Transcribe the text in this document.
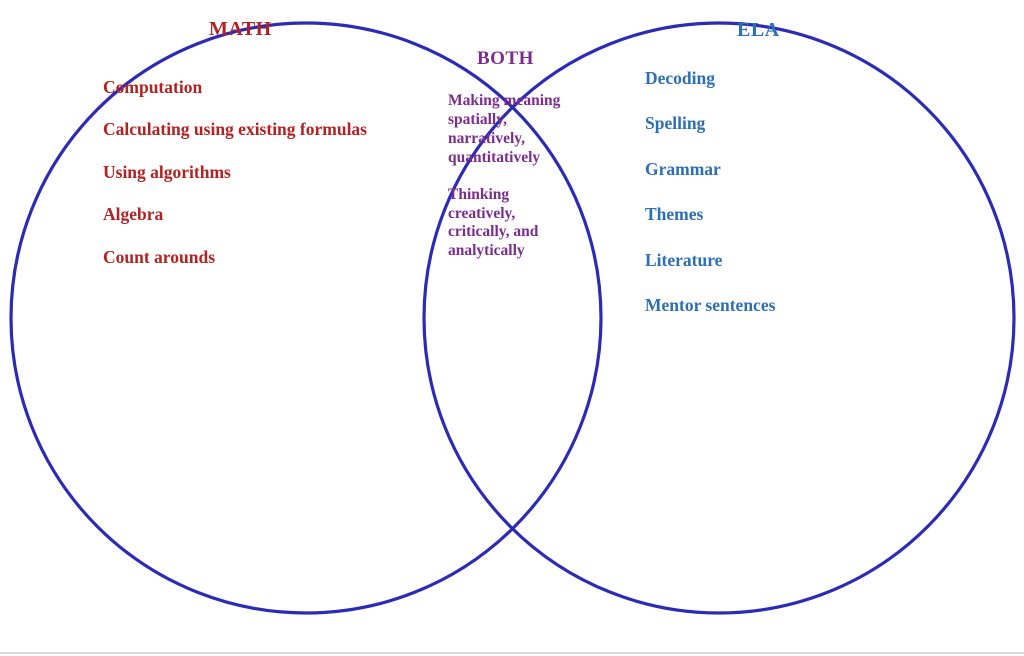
MATH
BOTH
ELA
Computation
Calculating using existing formulas
Using algorithms
Algebra
Count arounds
Making meaning spatially, narratively, quantitatively
Thinking creatively, critically, and analytically
Decoding
Spelling
Grammar
Themes
Literature
Mentor sentences
